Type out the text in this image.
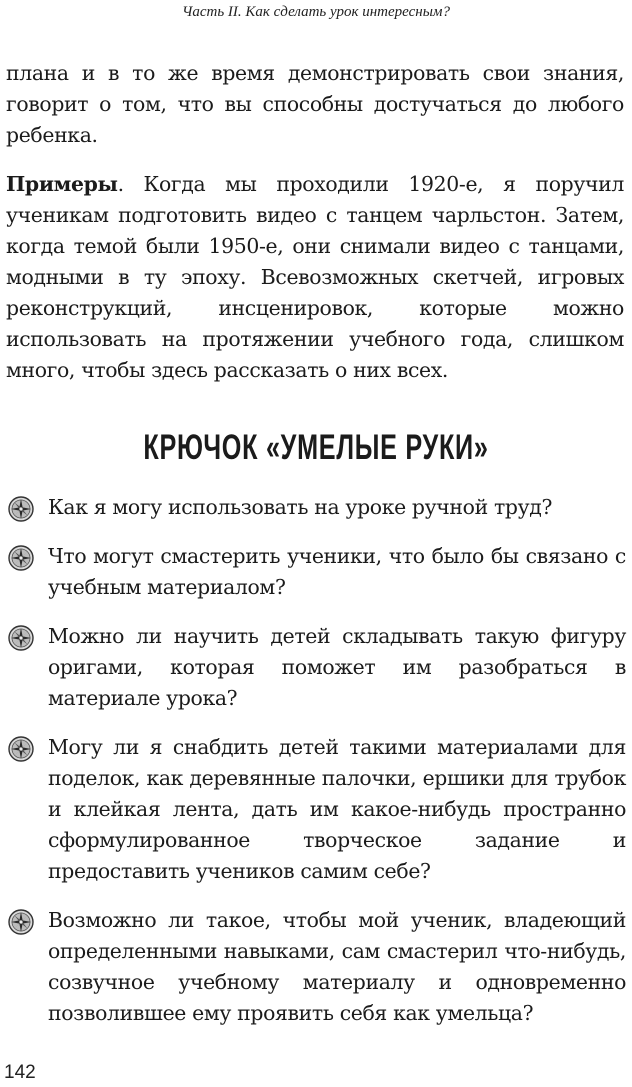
Часть II. Как сделать урок интересным?

плана и в то же время демонстрировать свои знания, говорит о том, что вы способны достучаться до любого ребенка.

Примеры. Когда мы проходили 1920-е, я поручил ученикам подготовить видео с танцем чарльстон. Затем, когда темой были 1950-е, они снимали видео с танцами, модными в ту эпоху. Всевозможных скетчей, игровых реконструкций, инсценировок, которые можно использовать на протяжении учебного года, слишком много, чтобы здесь рассказать о них всех.

КРЮЧОК «УМЕЛЫЕ РУКИ»
Как я могу использовать на уроке ручной труд?
Что могут смастерить ученики, что было бы связано с учебным материалом?
Можно ли научить детей складывать такую фигуру оригами, которая поможет им разобраться в материале урока?
Могу ли я снабдить детей такими материалами для поделок, как деревянные палочки, ершики для трубок и клейкая лента, дать им какое-нибудь пространно сформулированное творческое задание и предоставить учеников самим себе?
Возможно ли такое, чтобы мой ученик, владеющий определенными навыками, сам смастерил что-нибудь, созвучное учебному материалу и одновременно позволившее ему проявить себя как умельца?
142
